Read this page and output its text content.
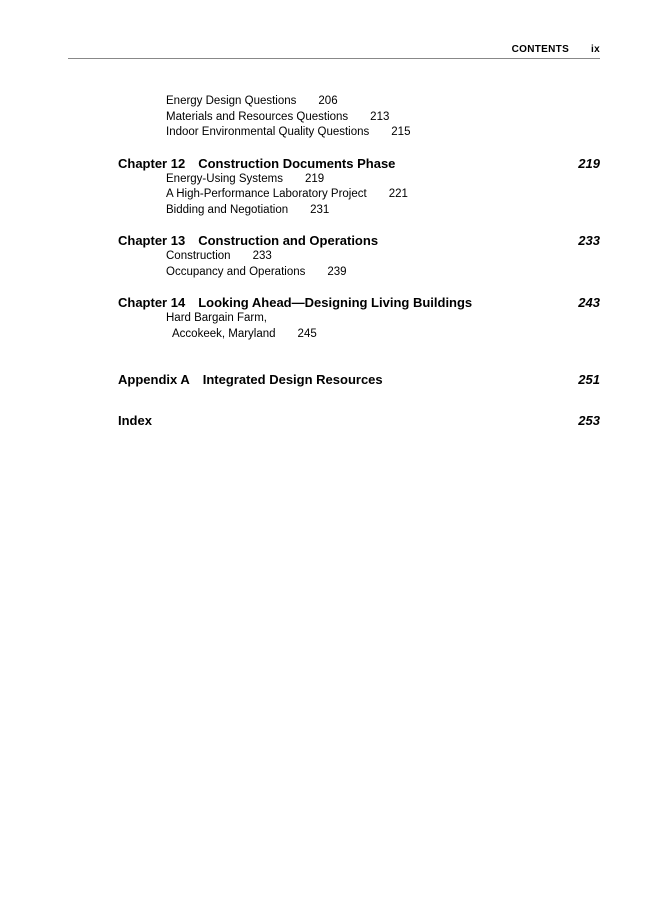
CONTENTS ix
Energy Design Questions 206
Materials and Resources Questions 213
Indoor Environmental Quality Questions 215
Chapter 12 Construction Documents Phase	219
Energy-Using Systems 219
A High-Performance Laboratory Project 221
Bidding and Negotiation 231
Chapter 13 Construction and Operations	233
Construction 233
Occupancy and Operations 239
Chapter 14 Looking Ahead—Designing Living Buildings	243
Hard Bargain Farm,
Accokeek, Maryland 245
Appendix A Integrated Design Resources	251
Index	253
